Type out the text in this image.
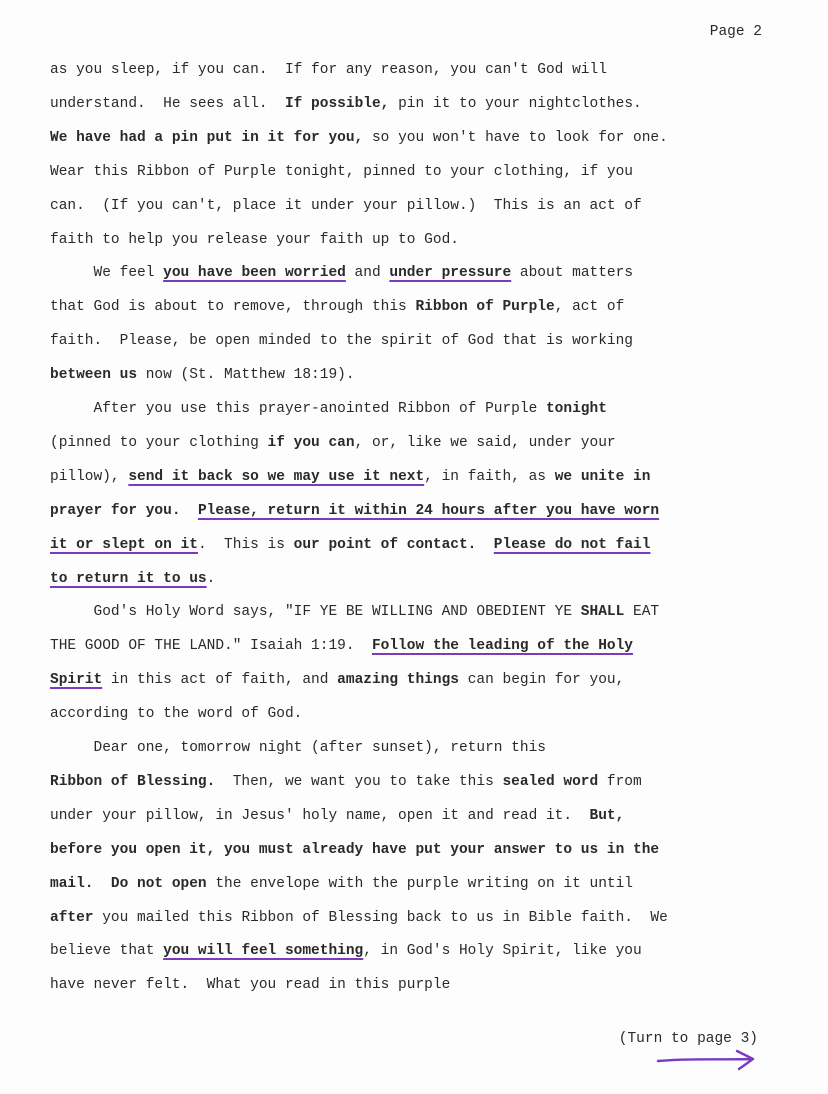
Page 2
as you sleep, if you can.  If for any reason, you can't God will
understand.  He sees all.  If possible, pin it to your nightclothes.
We have had a pin put in it for you, so you won't have to look for one.
Wear this Ribbon of Purple tonight, pinned to your clothing, if you
can.  (If you can't, place it under your pillow.)  This is an act of
faith to help you release your faith up to God.
We feel you have been worried and under pressure about matters
that God is about to remove, through this Ribbon of Purple, act of
faith.  Please, be open minded to the spirit of God that is working
between us now (St. Matthew 18:19).
After you use this prayer-anointed Ribbon of Purple tonight
(pinned to your clothing if you can, or, like we said, under your
pillow), send it back so we may use it next, in faith, as we unite in
prayer for you. Please, return it within 24 hours after you have worn
it or slept on it.  This is our point of contact. Please do not fail
to return it to us.
God's Holy Word says, "IF YE BE WILLING AND OBEDIENT YE SHALL EAT
THE GOOD OF THE LAND." Isaiah 1:19.  Follow the leading of the Holy
Spirit in this act of faith, and amazing things can begin for you,
according to the word of God.
Dear one, tomorrow night (after sunset), return this
Ribbon of Blessing.  Then, we want you to take this sealed word from
under your pillow, in Jesus' holy name, open it and read it.  But,
before you open it, you must already have put your answer to us in the
mail. Do not open the envelope with the purple writing on it until
after you mailed this Ribbon of Blessing back to us in Bible faith.  We
believe that you will feel something, in God's Holy Spirit, like you
have never felt.  What you read in this purple
(Turn to page 3)
